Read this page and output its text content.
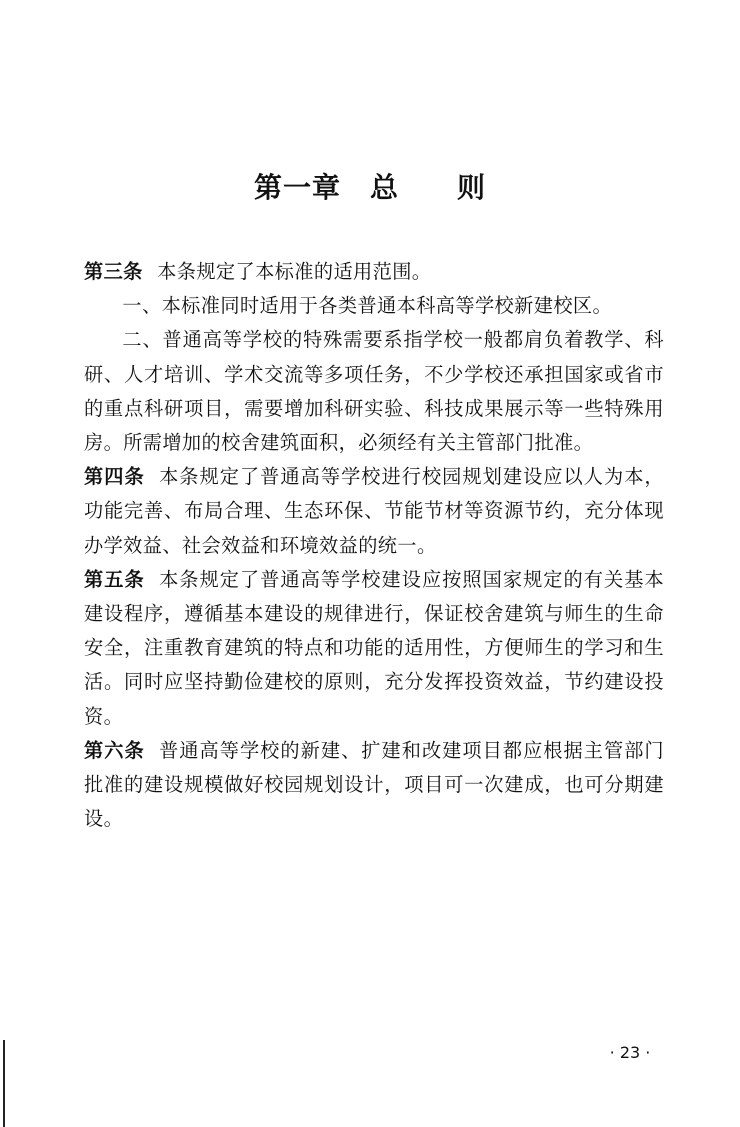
第一章　总　　则

第三条 本条规定了本标准的适用范围。

一、本标准同时适用于各类普通本科高等学校新建校区。

二、普通高等学校的特殊需要系指学校一般都肩负着教学、科研、人才培训、学术交流等多项任务，不少学校还承担国家或省市的重点科研项目，需要增加科研实验、科技成果展示等一些特殊用房。所需增加的校舍建筑面积，必须经有关主管部门批准。

第四条 本条规定了普通高等学校进行校园规划建设应以人为本，功能完善、布局合理、生态环保、节能节材等资源节约，充分体现办学效益、社会效益和环境效益的统一。

第五条 本条规定了普通高等学校建设应按照国家规定的有关基本建设程序，遵循基本建设的规律进行，保证校舍建筑与师生的生命安全，注重教育建筑的特点和功能的适用性，方便师生的学习和生活。同时应坚持勤俭建校的原则，充分发挥投资效益，节约建设投资。

第六条 普通高等学校的新建、扩建和改建项目都应根据主管部门批准的建设规模做好校园规划设计，项目可一次建成，也可分期建设。

· 23 ·
